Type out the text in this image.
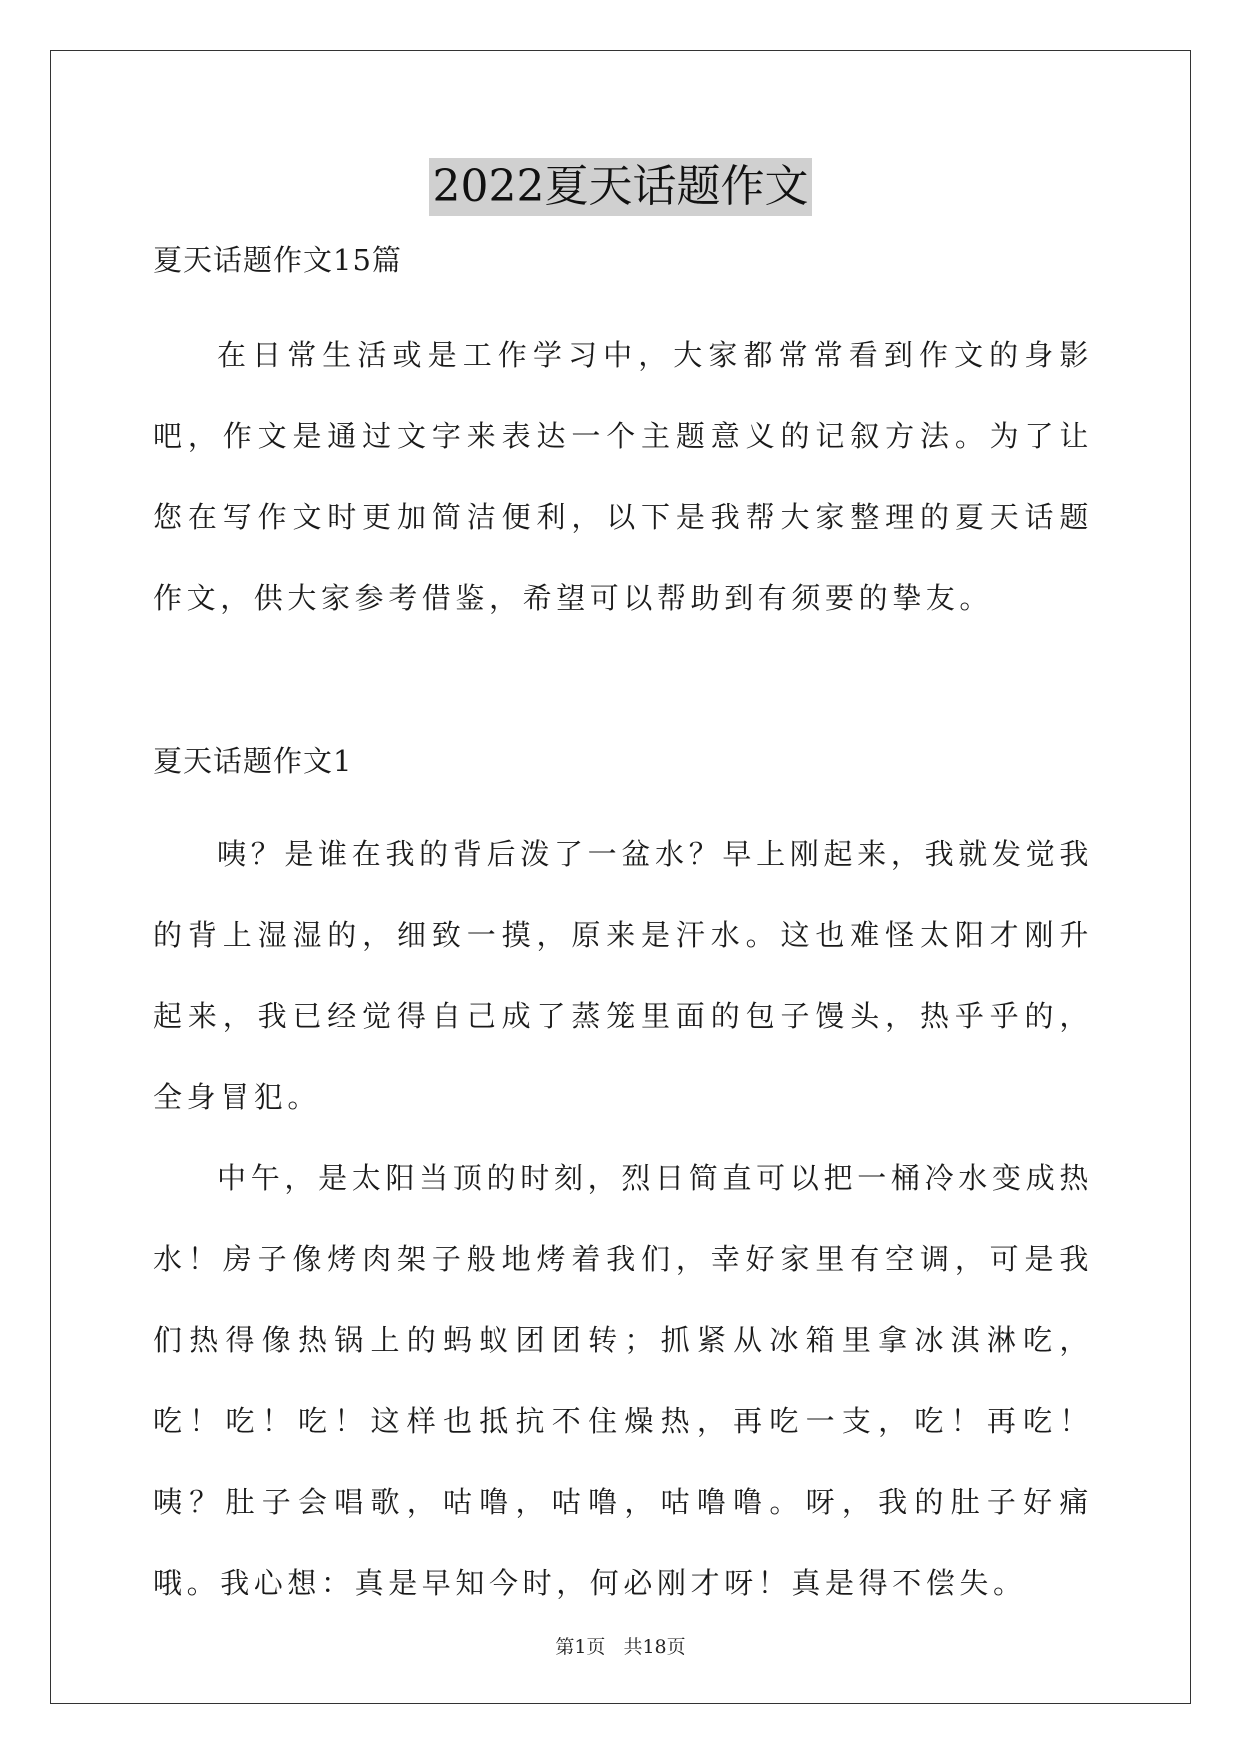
2022夏天话题作文

夏天话题作文15篇

在日常生活或是工作学习中，大家都常常看到作文的身影吧，作文是通过文字来表达一个主题意义的记叙方法。为了让您在写作文时更加简洁便利，以下是我帮大家整理的夏天话题作文，供大家参考借鉴，希望可以帮助到有须要的挚友。

夏天话题作文1

咦？是谁在我的背后泼了一盆水？早上刚起来，我就发觉我的背上湿湿的，细致一摸，原来是汗水。这也难怪太阳才刚升起来，我已经觉得自己成了蒸笼里面的包子馒头，热乎乎的，全身冒犯。

中午，是太阳当顶的时刻，烈日简直可以把一桶冷水变成热水！房子像烤肉架子般地烤着我们，幸好家里有空调，可是我们热得像热锅上的蚂蚁团团转；抓紧从冰箱里拿冰淇淋吃，吃！吃！吃！这样也抵抗不住燥热，再吃一支，吃！再吃！咦？肚子会唱歌，咕噜，咕噜，咕噜噜。呀，我的肚子好痛哦。我心想：真是早知今时，何必刚才呀！真是得不偿失。

第1页 共18页
